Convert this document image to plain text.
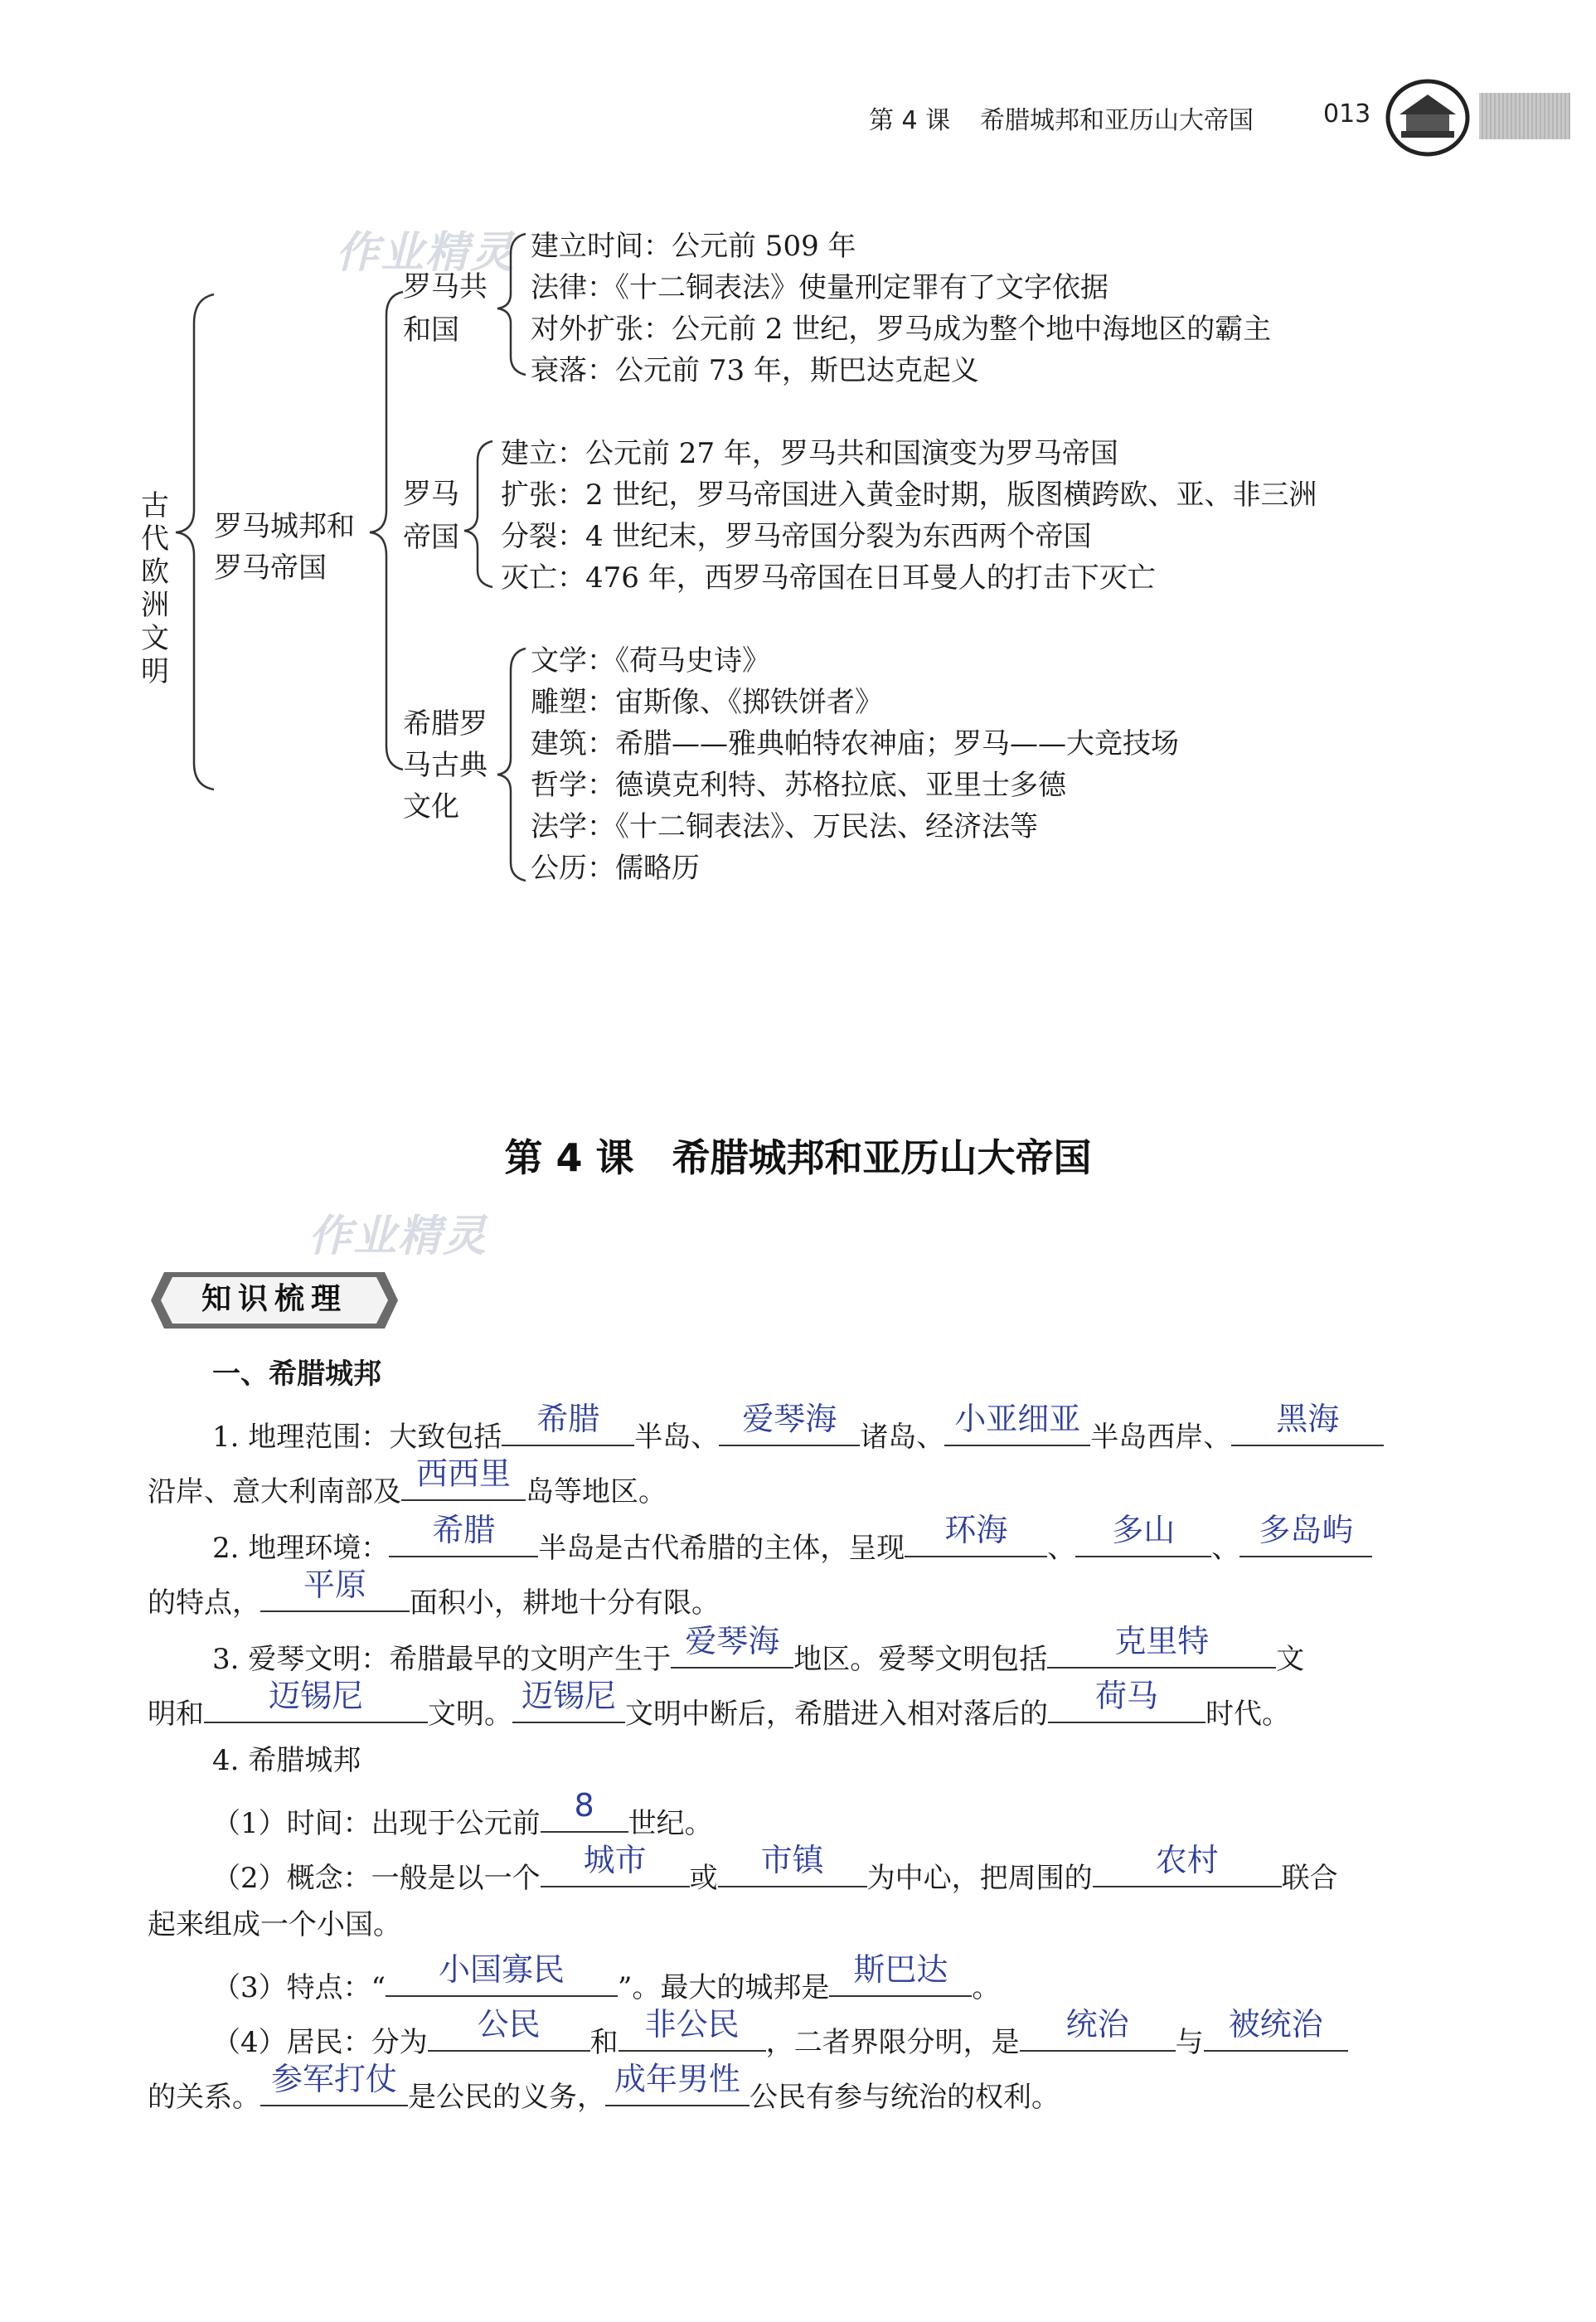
第 4 课 希腊城邦和亚历山大帝国	013
作业精灵
作业精灵
古代欧洲文明
罗马城邦和罗马帝国
罗马共
和国
罗马
帝国
希腊罗
马古典
文化
建立时间：公元前 509 年
法律：《十二铜表法》使量刑定罪有了文字依据
对外扩张：公元前 2 世纪，罗马成为整个地中海地区的霸主
衰落：公元前 73 年，斯巴达克起义
建立：公元前 27 年，罗马共和国演变为罗马帝国
扩张：2 世纪，罗马帝国进入黄金时期，版图横跨欧、亚、非三洲
分裂：4 世纪末，罗马帝国分裂为东西两个帝国
灭亡：476 年，西罗马帝国在日耳曼人的打击下灭亡
文学：《荷马史诗》
雕塑：宙斯像、《掷铁饼者》
建筑：希腊——雅典帕特农神庙；罗马——大竞技场
哲学：德谟克利特、苏格拉底、亚里士多德
法学：《十二铜表法》、万民法、经济法等
公历：儒略历
第 4 课　希腊城邦和亚历山大帝国
知识梳理
一、希腊城邦
1. 地理范围：大致包括	希腊	半岛、 爱琴海 诸岛、 小亚细亚 半岛西岸、	黑海
沿岸、意大利南部及 西西里 岛等地区。
2. 地理环境：	希腊	半岛是古代希腊的主体，呈现	环海	、	多山	、 多岛屿
的特点，	平原	面积小，耕地十分有限。
3. 爱琴文明：希腊最早的文明产生于 爱琴海 地区。爱琴文明包括	克里特	文
明和	迈锡尼	文明。 迈锡尼 文明中断后，希腊进入相对落后的	荷马	时代。
4. 希腊城邦
（1）时间：出现于公元前	8	世纪。
（2）概念：一般是以一个	城市	或	市镇	为中心，把周围的	农村	联合
起来组成一个小国。
（3）特点：“	小国寡民	”。最大的城邦是 斯巴达 。
（4）居民：分为	公民	和 非公民 ，二者界限分明，是	统治	与 被统治
的关系。 参军打仗 是公民的义务， 成年男性 公民有参与统治的权利。
